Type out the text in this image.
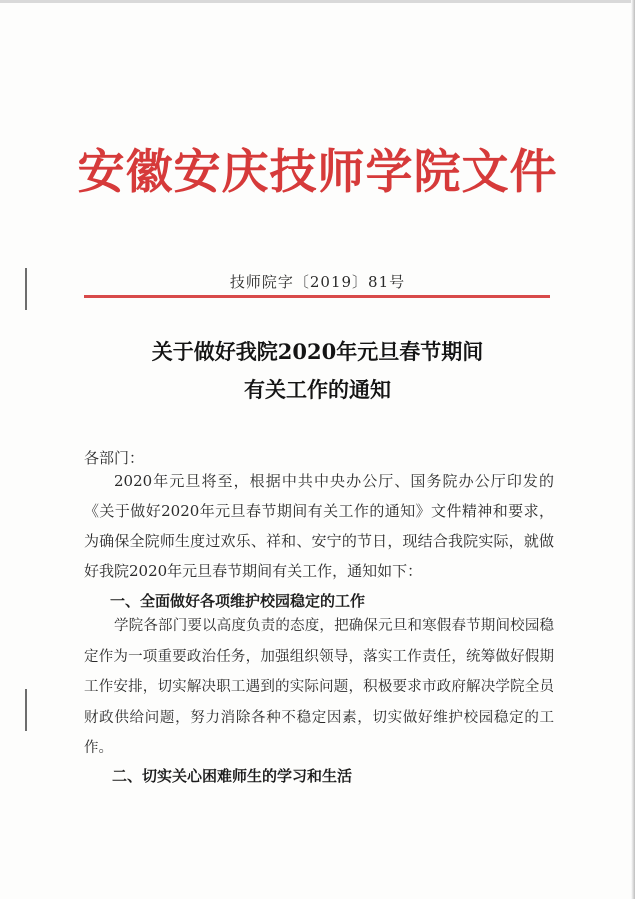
安徽安庆技师学院文件
技师院字〔2019〕81号
关于做好我院2020年元旦春节期间
有关工作的通知
各部门：
2020年元旦将至，根据中共中央办公厅、国务院办公厅印发的《关于做好2020年元旦春节期间有关工作的通知》文件精神和要求，为确保全院师生度过欢乐、祥和、安宁的节日，现结合我院实际，就做好我院2020年元旦春节期间有关工作，通知如下：
一、全面做好各项维护校园稳定的工作
学院各部门要以高度负责的态度，把确保元旦和寒假春节期间校园稳定作为一项重要政治任务，加强组织领导，落实工作责任，统筹做好假期工作安排，切实解决职工遇到的实际问题，积极要求市政府解决学院全员财政供给问题，努力消除各种不稳定因素，切实做好维护校园稳定的工作。
二、切实关心困难师生的学习和生活
